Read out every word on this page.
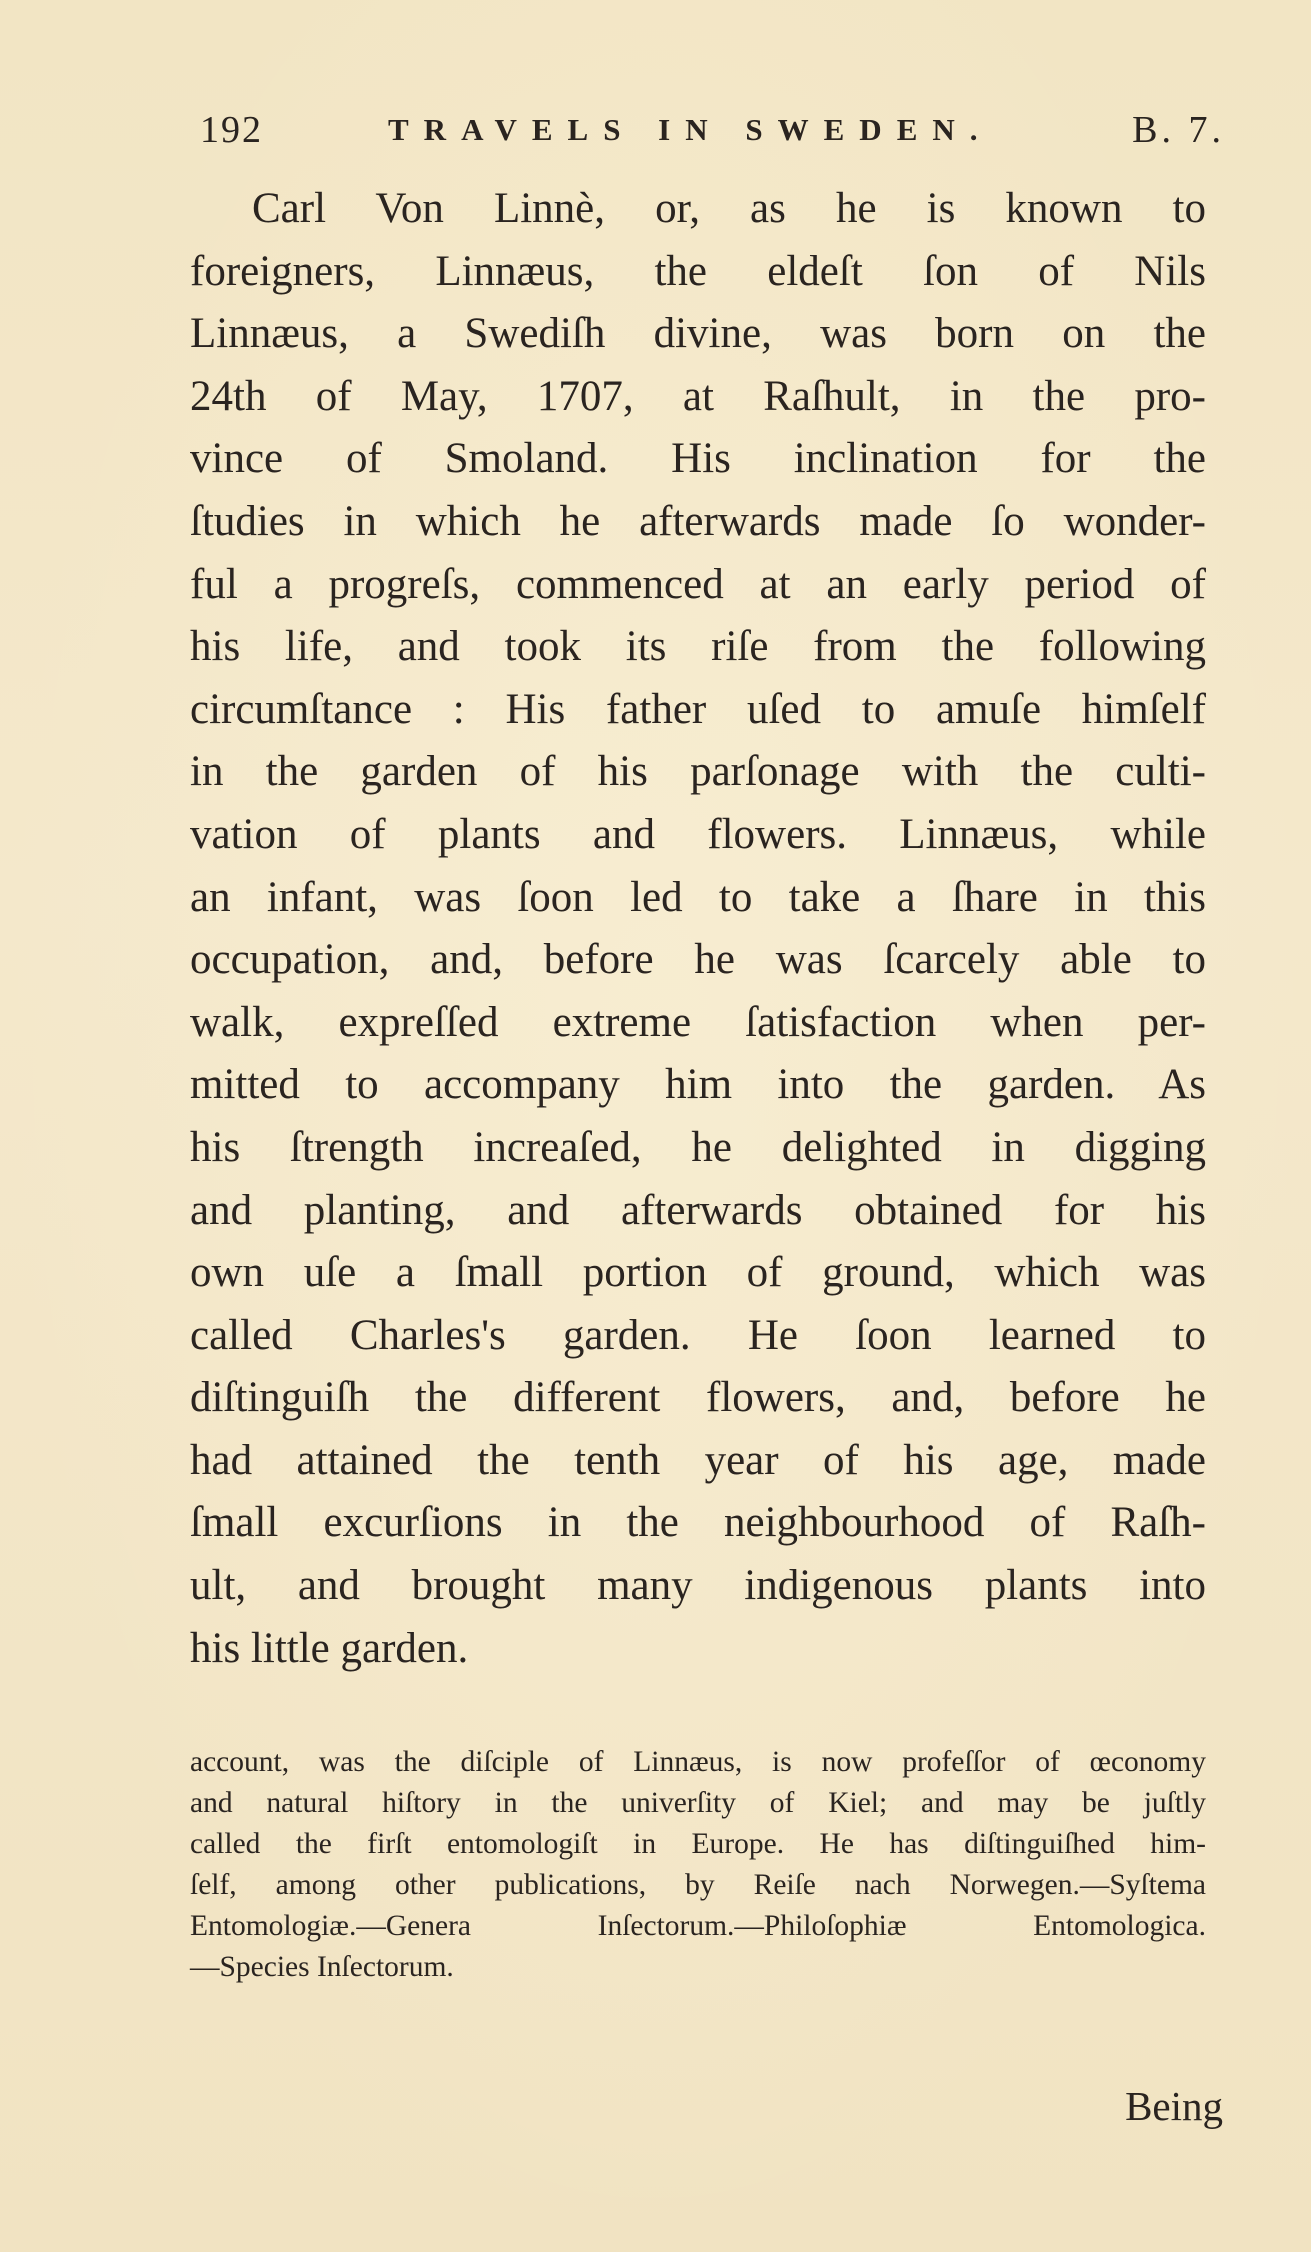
192	TRAVELS IN SWEDEN.	B. 7.
Carl Von Linnè, or, as he is known to
foreigners, Linnæus, the eldeſt ſon of Nils
Linnæus, a Swediſh divine, was born on the
24th of May, 1707, at Raſhult, in the pro-
vince of Smoland. His inclination for the
ſtudies in which he afterwards made ſo wonder-
ful a progreſs, commenced at an early period of
his life, and took its riſe from the following
circumſtance : His father uſed to amuſe himſelf
in the garden of his parſonage with the culti-
vation of plants and flowers. Linnæus, while
an infant, was ſoon led to take a ſhare in this
occupation, and, before he was ſcarcely able to
walk, expreſſed extreme ſatisfaction when per-
mitted to accompany him into the garden. As
his ſtrength increaſed, he delighted in digging
and planting, and afterwards obtained for his
own uſe a ſmall portion of ground, which was
called Charles's garden. He ſoon learned to
diſtinguiſh the different flowers, and, before he
had attained the tenth year of his age, made
ſmall excurſions in the neighbourhood of Raſh-
ult, and brought many indigenous plants into
his little garden.
account, was the diſciple of Linnæus, is now profeſſor of œconomy
and natural hiſtory in the univerſity of Kiel; and may be juſtly
called the firſt entomologiſt in Europe. He has diſtinguiſhed him-
ſelf, among other publications, by Reiſe nach Norwegen.—Syſtema
Entomologiæ.—Genera Inſectorum.—Philoſophiæ Entomologica.
—Species Inſectorum.
Being
